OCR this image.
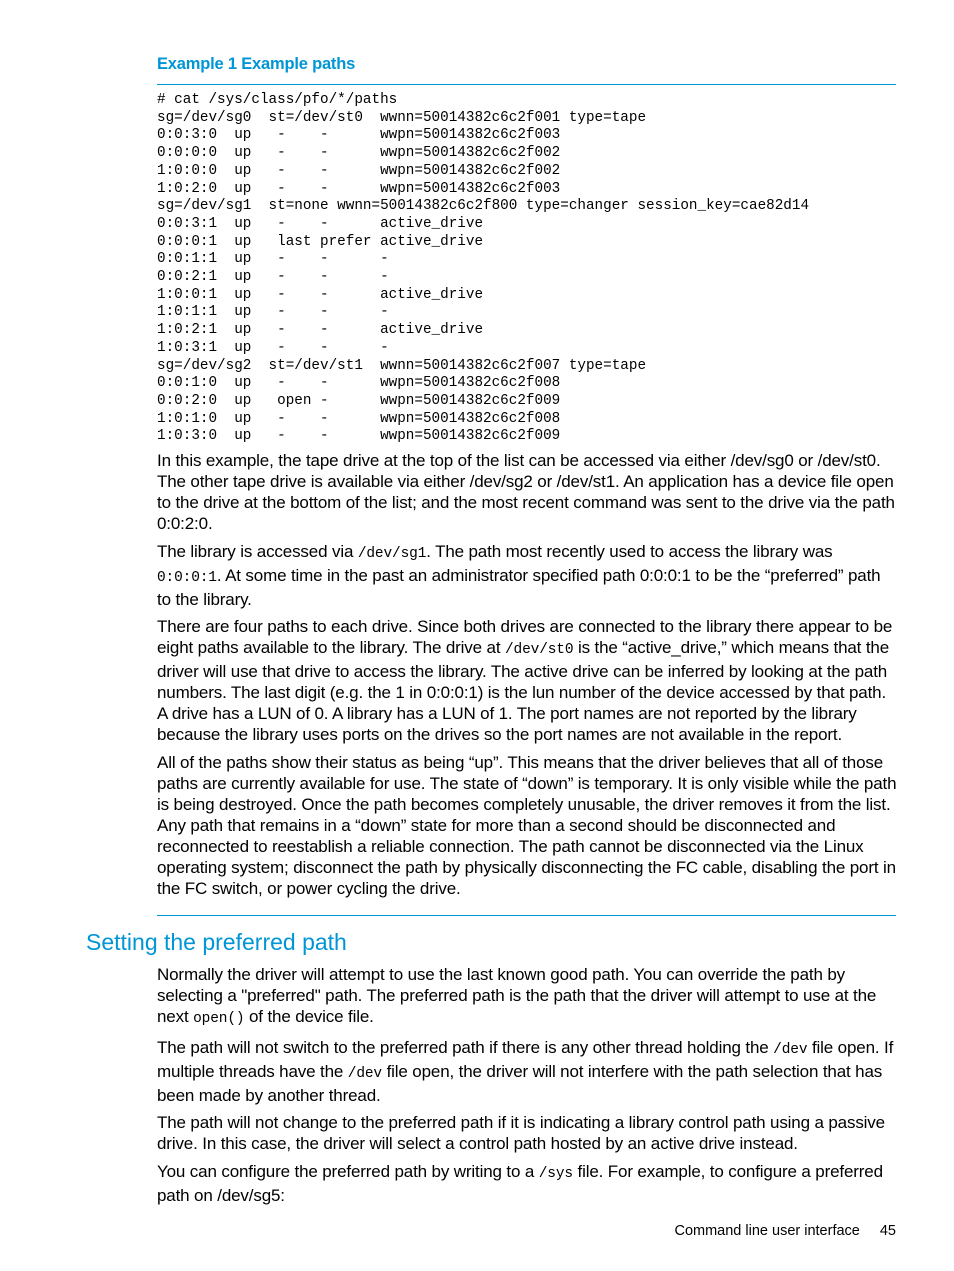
Example 1 Example paths
# cat /sys/class/pfo/*/paths
sg=/dev/sg0  st=/dev/st0  wwnn=50014382c6c2f001 type=tape
0:0:3:0  up   -    -      wwpn=50014382c6c2f003
0:0:0:0  up   -    -      wwpn=50014382c6c2f002
1:0:0:0  up   -    -      wwpn=50014382c6c2f002
1:0:2:0  up   -    -      wwpn=50014382c6c2f003
sg=/dev/sg1  st=none wwnn=50014382c6c2f800 type=changer session_key=cae82d14
0:0:3:1  up   -    -      active_drive
0:0:0:1  up   last prefer active_drive
0:0:1:1  up   -    -      -
0:0:2:1  up   -    -      -
1:0:0:1  up   -    -      active_drive
1:0:1:1  up   -    -      -
1:0:2:1  up   -    -      active_drive
1:0:3:1  up   -    -      -
sg=/dev/sg2  st=/dev/st1  wwnn=50014382c6c2f007 type=tape
0:0:1:0  up   -    -      wwpn=50014382c6c2f008
0:0:2:0  up   open -      wwpn=50014382c6c2f009
1:0:1:0  up   -    -      wwpn=50014382c6c2f008
1:0:3:0  up   -    -      wwpn=50014382c6c2f009

In this example, the tape drive at the top of the list can be accessed via either /dev/sg0 or /dev/st0. The other tape drive is available via either /dev/sg2 or /dev/st1. An application has a device file open to the drive at the bottom of the list; and the most recent command was sent to the drive via the path 0:0:2:0.

The library is accessed via /dev/sg1. The path most recently used to access the library was 0:0:0:1. At some time in the past an administrator specified path 0:0:0:1 to be the “preferred” path to the library.

There are four paths to each drive. Since both drives are connected to the library there appear to be eight paths available to the library. The drive at /dev/st0 is the “active_drive,” which means that the driver will use that drive to access the library. The active drive can be inferred by looking at the path numbers. The last digit (e.g. the 1 in 0:0:0:1) is the lun number of the device accessed by that path. A drive has a LUN of 0. A library has a LUN of 1. The port names are not reported by the library because the library uses ports on the drives so the port names are not available in the report.

All of the paths show their status as being “up”. This means that the driver believes that all of those paths are currently available for use. The state of “down” is temporary. It is only visible while the path is being destroyed. Once the path becomes completely unusable, the driver removes it from the list. Any path that remains in a “down” state for more than a second should be disconnected and reconnected to reestablish a reliable connection. The path cannot be disconnected via the Linux operating system; disconnect the path by physically disconnecting the FC cable, disabling the port in the FC switch, or power cycling the drive.

Setting the preferred path

Normally the driver will attempt to use the last known good path. You can override the path by selecting a "preferred" path. The preferred path is the path that the driver will attempt to use at the next open() of the device file.

The path will not switch to the preferred path if there is any other thread holding the /dev file open. If multiple threads have the /dev file open, the driver will not interfere with the path selection that has been made by another thread.

The path will not change to the preferred path if it is indicating a library control path using a passive drive. In this case, the driver will select a control path hosted by an active drive instead.

You can configure the preferred path by writing to a /sys file. For example, to configure a preferred path on /dev/sg5:

Command line user interface 45
